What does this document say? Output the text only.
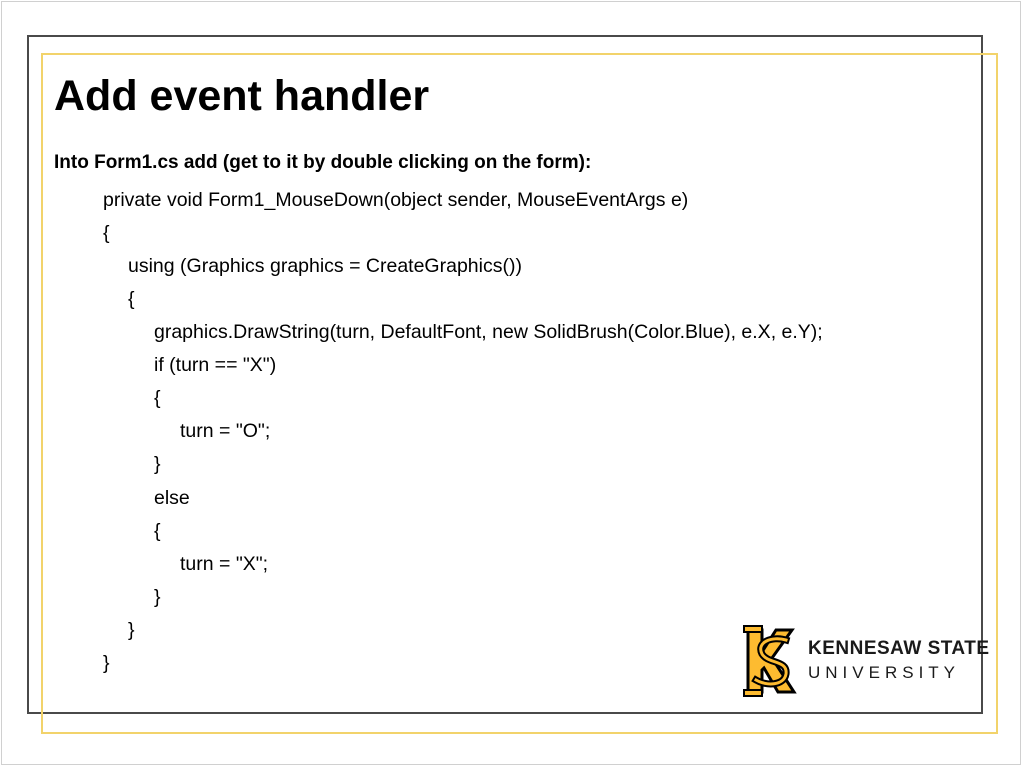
Add event handler
Into Form1.cs add (get to it by double clicking on the form):
private void Form1_MouseDown(object sender, MouseEventArgs e)
{
using (Graphics graphics = CreateGraphics())
{
graphics.DrawString(turn, DefaultFont, new SolidBrush(Color.Blue), e.X, e.Y);
if (turn == "X")
{
turn = "O";
}
else
{
turn = "X";
}
}
}
KENNESAW STATE
UNIVERSITY
